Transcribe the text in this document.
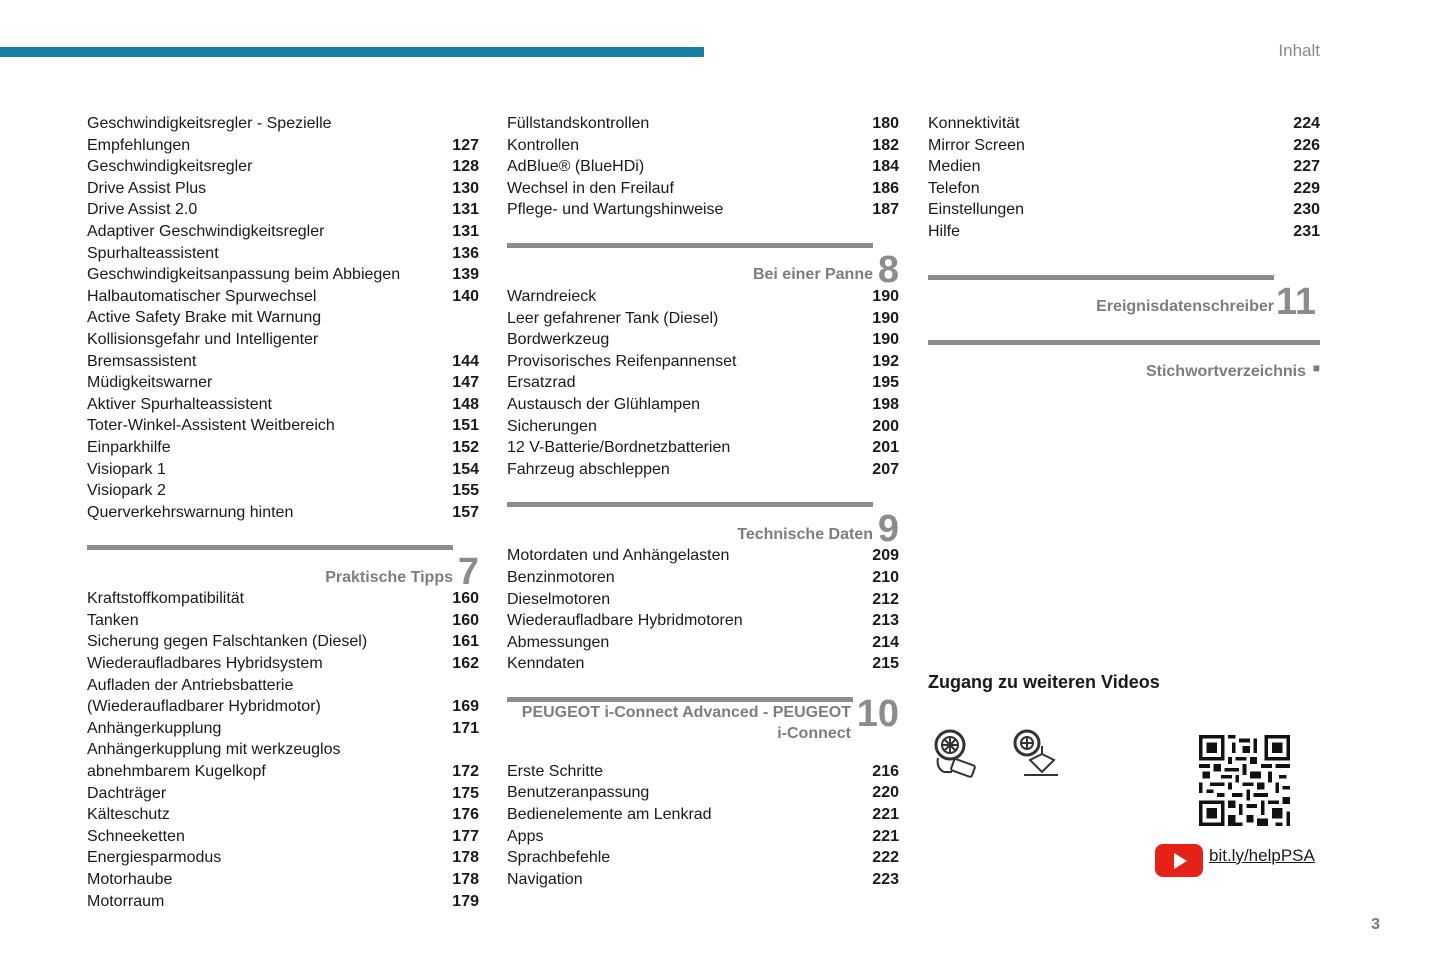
Inhalt
Geschwindigkeitsregler - Spezielle Empfehlungen	127
Geschwindigkeitsregler	128
Drive Assist Plus	130
Drive Assist 2.0	131
Adaptiver Geschwindigkeitsregler	131
Spurhalteassistent	136
Geschwindigkeitsanpassung beim Abbiegen	139
Halbautomatischer Spurwechsel	140
Active Safety Brake mit Warnung Kollisionsgefahr und Intelligenter Bremsassistent	144
Müdigkeitswarner	147
Aktiver Spurhalteassistent	148
Toter-Winkel-Assistent Weitbereich	151
Einparkhilfe	152
Visiopark 1	154
Visiopark 2	155
Querverkehrswarnung hinten	157
Praktische Tipps 7
Kraftstoffkompatibilität	160
Tanken	160
Sicherung gegen Falschtanken (Diesel)	161
Wiederaufladbares Hybridsystem	162
Aufladen der Antriebsbatterie (Wiederaufladbarer Hybridmotor)	169
Anhängerkupplung	171
Anhängerkupplung mit werkzeuglos abnehmbarem Kugelkopf	172
Dachträger	175
Kälteschutz	176
Schneeketten	177
Energiesparmodus	178
Motorhaube	178
Motorraum	179
Füllstandskontrollen	180
Kontrollen	182
AdBlue® (BlueHDi)	184
Wechsel in den Freilauf	186
Pflege- und Wartungshinweise	187
Bei einer Panne 8
Warndreieck	190
Leer gefahrener Tank (Diesel)	190
Bordwerkzeug	190
Provisorisches Reifenpannenset	192
Ersatzrad	195
Austausch der Glühlampen	198
Sicherungen	200
12 V-Batterie/Bordnetzbatterien	201
Fahrzeug abschleppen	207
Technische Daten 9
Motordaten und Anhängelasten	209
Benzinmotoren	210
Dieselmotoren	212
Wiederaufladbare Hybridmotoren	213
Abmessungen	214
Kenndaten	215
PEUGEOT i-Connect Advanced - PEUGEOT i-Connect 10
Erste Schritte	216
Benutzeranpassung	220
Bedienelemente am Lenkrad	221
Apps	221
Sprachbefehle	222
Navigation	223
Konnektivität	224
Mirror Screen	226
Medien	227
Telefon	229
Einstellungen	230
Hilfe	231
Ereignisdatenschreiber 11
Stichwortverzeichnis ■
Zugang zu weiteren Videos
bit.ly/helpPSA
3
